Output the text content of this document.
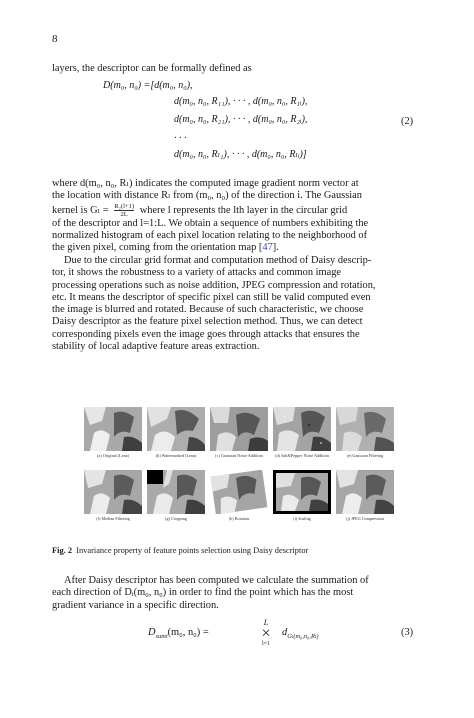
8
layers, the descriptor can be formally defined as
D(m₀, n₀) =[d(m₀, n₀),
d(m₀, n₀, R₁₁), · · · , d(m₀, n₀, R₁ᵢ),
d(m₀, n₀, R₂₁), · · · , d(m₀, n₀, R₂ᵢ),
· · ·
d(m₀, n₀, Rₗ₁), · · · , d(m₀, n₀, Rₗᵢ)]
(2)
where d(m₀, n₀, Rₗ) indicates the computed image gradient norm vector at
the location with distance Rₗ from (m₀, n₀) of the direction i. The Gaussian
kernel is $G_l = \frac{\text{R₂(l+1)}}{2L}$ where l represents the lth layer in the circular grid
of the descriptor and l=1:L. We obtain a sequence of numbers exhibiting the
normalized histogram of each pixel location relating to the neighborhood of
the given pixel, coming from the orientation map [47].
Due to the circular grid format and computation method of Daisy descrip-
tor, it shows the robustness to a variety of attacks and common image
processing operations such as noise addition, JPEG compression and rotation,
etc. It means the descriptor of specific pixel can still be valid computed even
the image is blurred and rotated. Because of such characteristic, we choose
Daisy descriptor as the feature pixel selection method. Thus, we can detect
corresponding pixels even the image goes through attacks that ensures the
stability of local adaptive feature areas extraction.
(a) Original (Lena)	(b) Watermarked (Lena)	(c) Gaussian Noise Addition	(d) Salt&Pepper Noise Addition	(e) Gaussian Filtering
(f) Median Filtering	(g) Cropping	(h) Rotation	(i) Scaling	(j) JPEG Compression
Fig. 2 Invariance property of feature points selection using Daisy descriptor
After Daisy descriptor has been computed we calculate the summation of
each direction of Dᵢ(m₀, n₀) in order to find the point which has the most
gradient variance in a specific direction.
$D_{sumi}(m_0$, n₀) =
L
×
l=1
$d_{G_l(m_0,n_0,R_l)}$	(3)
